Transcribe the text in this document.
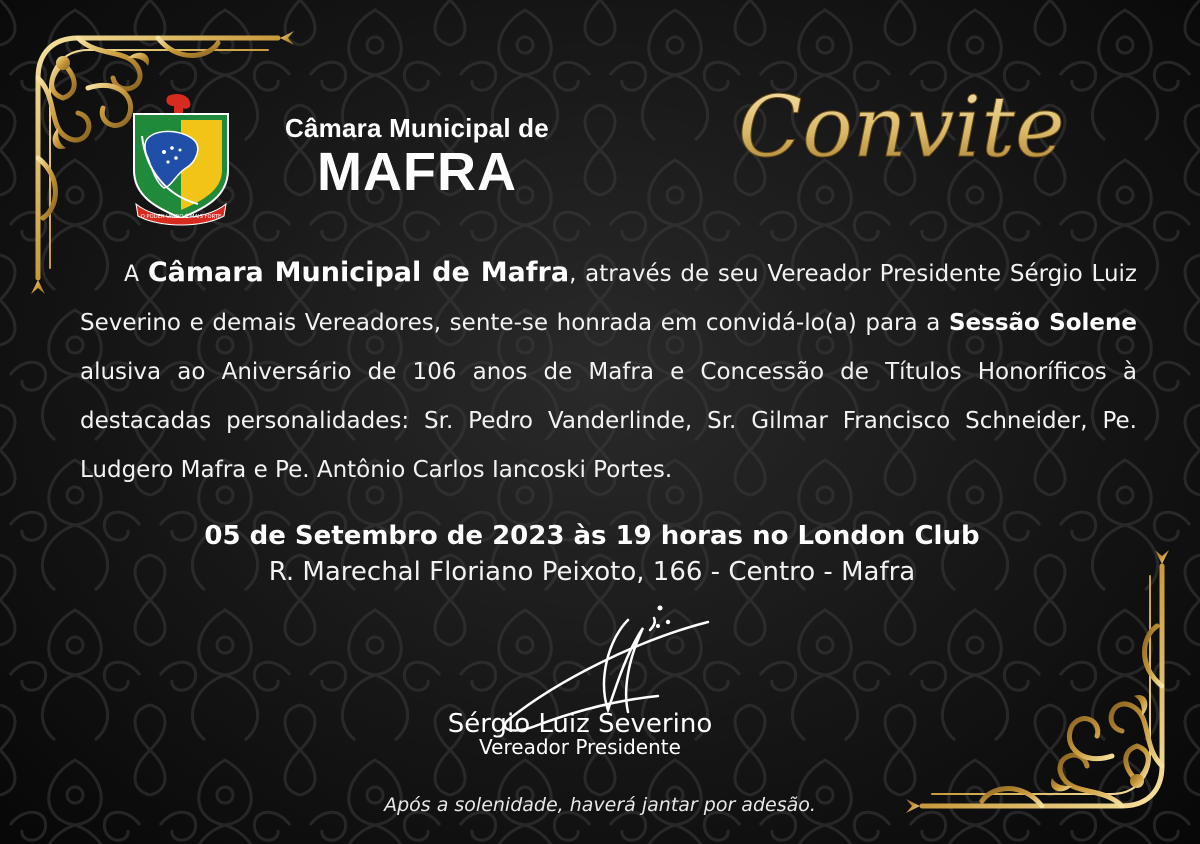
O PODER UNIDO É MAIS FORTE
Câmara Municipal de
MAFRA	Convite
A Câmara Municipal de Mafra, através de seu Vereador Presidente Sérgio Luiz Severino e demais Vereadores, sente-se honrada em convidá-lo(a) para a Sessão Solene alusiva ao Aniversário de 106 anos de Mafra e Concessão de Títulos Honoríficos à destacadas personalidades: Sr. Pedro Vanderlinde, Sr. Gilmar Francisco Schneider, Pe. Ludgero Mafra e Pe. Antônio Carlos Iancoski Portes.
05 de Setembro de 2023 às 19 horas no London Club
R. Marechal Floriano Peixoto, 166 - Centro - Mafra
Sérgio Luiz Severino
Vereador Presidente
Após a solenidade, haverá jantar por adesão.
